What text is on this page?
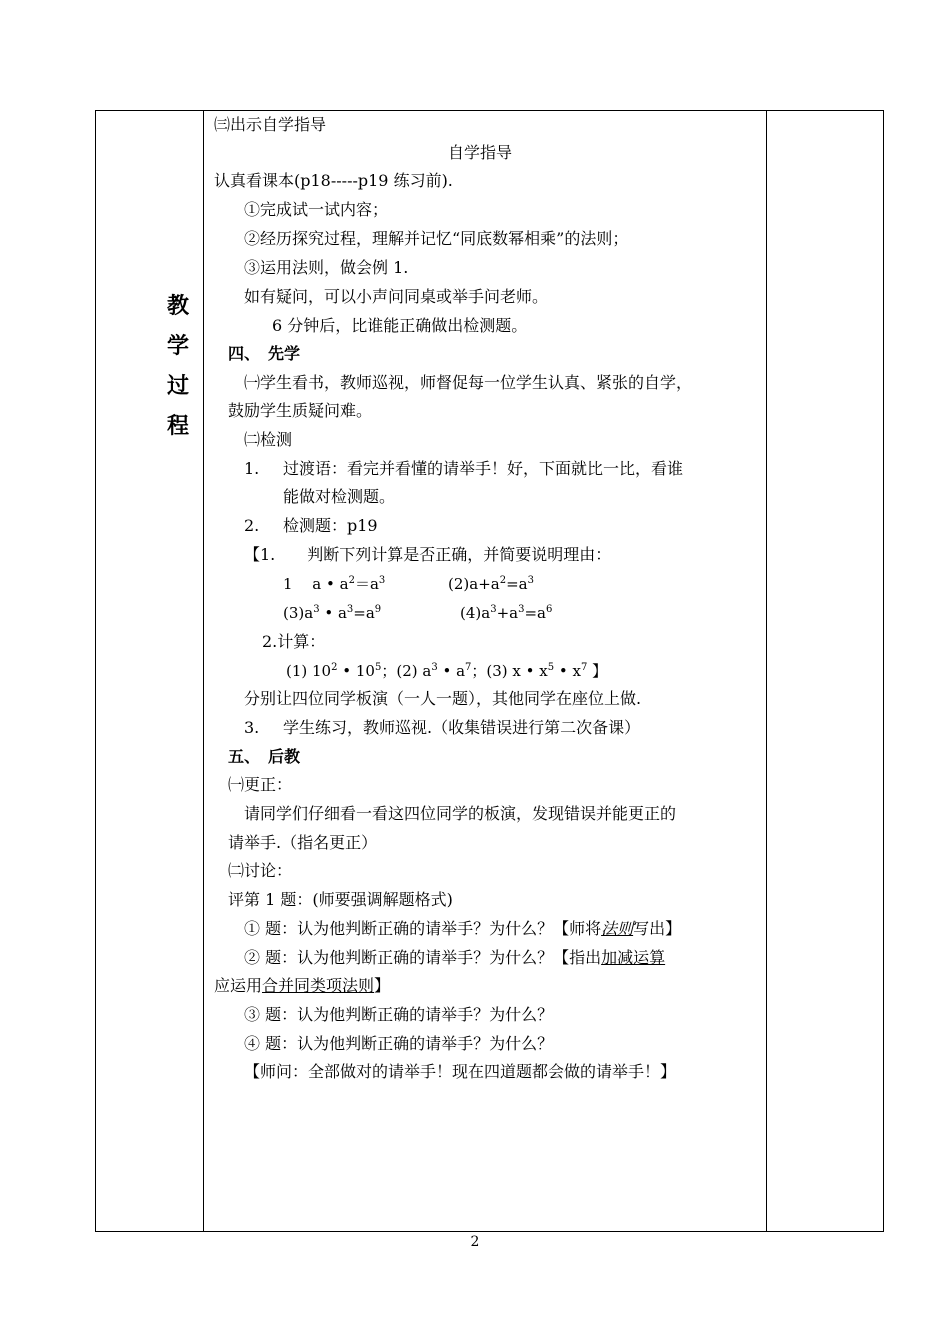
教
学
过
程
㈢出示自学指导
自学指导
认真看课本(p18-----p19 练习前).
①完成试一试内容；
②经历探究过程，理解并记忆“同底数幂相乘”的法则；
③运用法则，做会例 1.
如有疑问，可以小声问同桌或举手问老师。
6 分钟后，比谁能正确做出检测题。
四、　先学
㈠学生看书，教师巡视，师督促每一位学生认真、紧张的自学，
鼓励学生质疑问难。
㈡检测
1. 过渡语：看完并看懂的请举手！好，下面就比一比，看谁
能做对检测题。
2. 检测题：p19
【1.　　判断下列计算是否正确，并简要说明理由：
1　 a • $a^2=a^3$	$(2)a+a^2=a^3$
$(3)a^3$ • $a^3=a^9$	$(4)a^3+a^3=a^6$
2.计算：
(1) $10^2$ • $10^5$；(2) $a^3$ • $a^7$；(3) x • $x^5$ • $x^7$ 】
分别让四位同学板演（一人一题），其他同学在座位上做.
3. 学生练习，教师巡视.（收集错误进行第二次备课）
五、　后教
㈠更正：
请同学们仔细看一看这四位同学的板演，发现错误并能更正的
请举手.（指名更正）
㈡讨论：
评第 1 题：(师要强调解题格式)
① 题：认为他判断正确的请举手？为什么？【师将法则写出】
② 题：认为他判断正确的请举手？为什么？【指出加减运算
应运用合并同类项法则】
③ 题：认为他判断正确的请举手？为什么？
④ 题：认为他判断正确的请举手？为什么？
【师问：全部做对的请举手！现在四道题都会做的请举手！】
2
